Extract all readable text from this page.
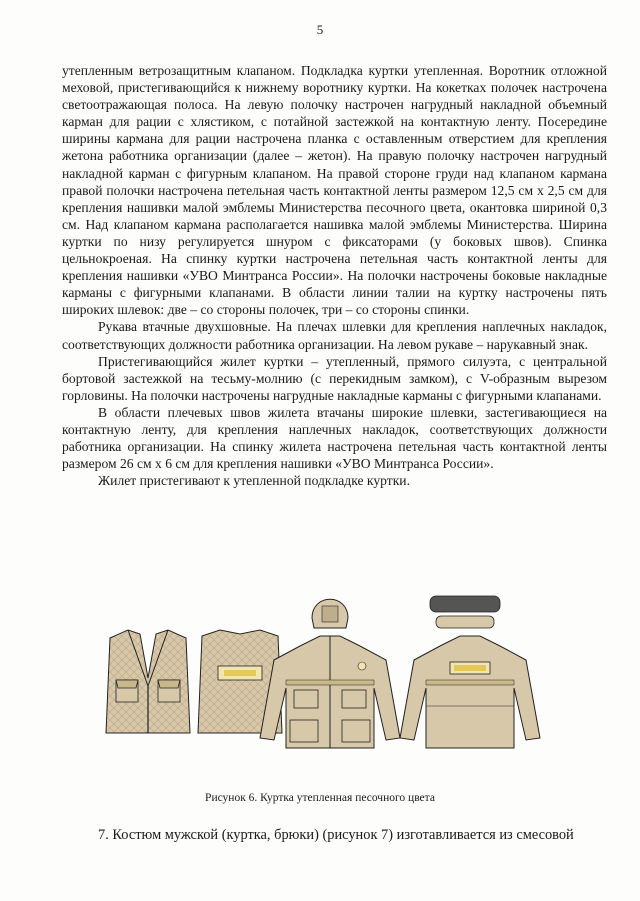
5

утепленным ветрозащитным клапаном. Подкладка куртки утепленная. Воротник отложной меховой, пристегивающийся к нижнему воротнику куртки. На кокетках полочек настрочена светоотражающая полоса. На левую полочку настрочен нагрудный накладной объемный карман для рации с хлястиком, с потайной застежкой на контактную ленту. Посередине ширины кармана для рации настрочена планка с оставленным отверстием для крепления жетона работника организации (далее – жетон). На правую полочку настрочен нагрудный накладной карман с фигурным клапаном. На правой стороне груди над клапаном кармана правой полочки настрочена петельная часть контактной ленты размером 12,5 см х 2,5 см для крепления нашивки малой эмблемы Министерства песочного цвета, окантовка шириной 0,3 см. Над клапаном кармана располагается нашивка малой эмблемы Министерства. Ширина куртки по низу регулируется шнуром с фиксаторами (у боковых швов). Спинка цельнокроеная. На спинку куртки настрочена петельная часть контактной ленты для крепления нашивки «УВО Минтранса России». На полочки настрочены боковые накладные карманы с фигурными клапанами. В области линии талии на куртку настрочены пять широких шлевок: две – со стороны полочек, три – со стороны спинки.

Рукава втачные двухшовные. На плечах шлевки для крепления наплечных накладок, соответствующих должности работника организации. На левом рукаве – нарукавный знак.

Пристегивающийся жилет куртки – утепленный, прямого силуэта, с центральной бортовой застежкой на тесьму-молнию (с перекидным замком), с V-образным вырезом горловины. На полочки настрочены нагрудные накладные карманы с фигурными клапанами.

В области плечевых швов жилета втачаны широкие шлевки, застегивающиеся на контактную ленту, для крепления наплечных накладок, соответствующих должности работника организации. На спинку жилета настрочена петельная часть контактной ленты размером 26 см х 6 см для крепления нашивки «УВО Минтранса России».

Жилет пристегивают к утепленной подкладке куртки.

Рисунок 6. Куртка утепленная песочного цвета
7. Костюм мужской (куртка, брюки) (рисунок 7) изготавливается из смесовой
